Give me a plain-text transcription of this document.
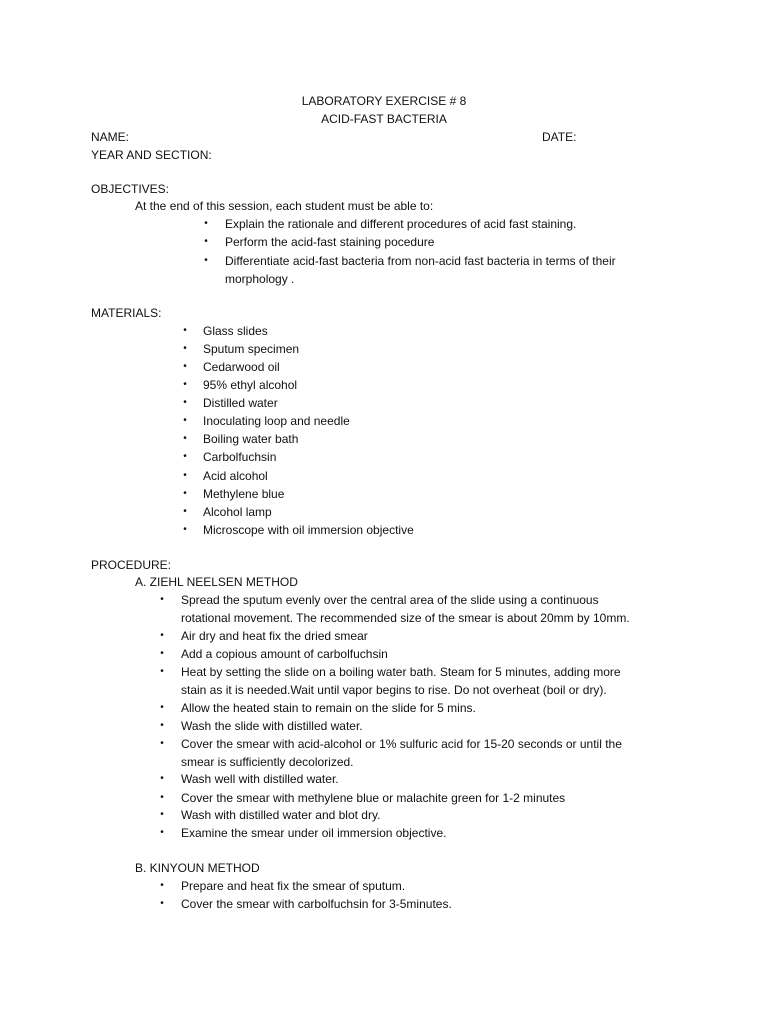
LABORATORY EXERCISE # 8
ACID-FAST BACTERIA
NAME:	DATE:
YEAR AND SECTION:
OBJECTIVES:
At the end of this session, each student must be able to:
• Explain the rationale and different procedures of acid fast staining.
• Perform the acid-fast staining pocedure
• Differentiate acid-fast bacteria from non-acid fast bacteria in terms of their
morphology .
MATERIALS:
• Glass slides
• Sputum specimen
• Cedarwood oil
• 95% ethyl alcohol
• Distilled water
• Inoculating loop and needle
• Boiling water bath
• Carbolfuchsin
• Acid alcohol
• Methylene blue
• Alcohol lamp
• Microscope with oil immersion objective
PROCEDURE:
A. ZIEHL NEELSEN METHOD
• Spread the sputum evenly over the central area of the slide using a continuous
rotational movement. The recommended size of the smear is about 20mm by 10mm.
• Air dry and heat fix the dried smear
• Add a copious amount of carbolfuchsin
• Heat by setting the slide on a boiling water bath. Steam for 5 minutes, adding more
stain as it is needed.Wait until vapor begins to rise. Do not overheat (boil or dry).
• Allow the heated stain to remain on the slide for 5 mins.
• Wash the slide with distilled water.
• Cover the smear with acid-alcohol or 1% sulfuric acid for 15-20 seconds or until the
smear is sufficiently decolorized.
• Wash well with distilled water.
• Cover the smear with methylene blue or malachite green for 1-2 minutes
• Wash with distilled water and blot dry.
• Examine the smear under oil immersion objective.
B. KINYOUN METHOD
• Prepare and heat fix the smear of sputum.
• Cover the smear with carbolfuchsin for 3-5minutes.
